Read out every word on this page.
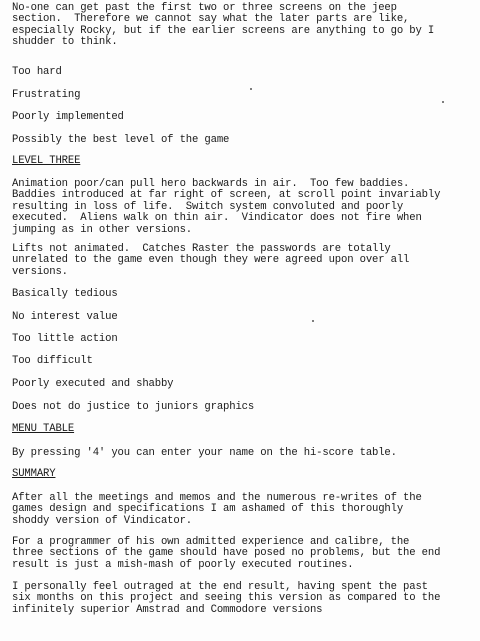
No-one can get past the first two or three screens on the jeep
section.  Therefore we cannot say what the later parts are like,
especially Rocky, but if the earlier screens are anything to go by I
shudder to think.

Too hard

Frustrating

Poorly implemented

Possibly the best level of the game

LEVEL THREE

Animation poor/can pull hero backwards in air.  Too few baddies.
Baddies introduced at far right of screen, at scroll point invariably
resulting in loss of life.  Switch system convoluted and poorly
executed.  Aliens walk on thin air.  Vindicator does not fire when
jumping as in other versions.

Lifts not animated.  Catches Raster the passwords are totally
unrelated to the game even though they were agreed upon over all
versions.

Basically tedious

No interest value

Too little action

Too difficult

Poorly executed and shabby

Does not do justice to juniors graphics

MENU TABLE

By pressing '4' you can enter your name on the hi-score table.

SUMMARY

After all the meetings and memos and the numerous re-writes of the
games design and specifications I am ashamed of this thoroughly
shoddy version of Vindicator.

For a programmer of his own admitted experience and calibre, the
three sections of the game should have posed no problems, but the end
result is just a mish-mash of poorly executed routines.

I personally feel outraged at the end result, having spent the past
six months on this project and seeing this version as compared to the
infinitely superior Amstrad and Commodore versions
